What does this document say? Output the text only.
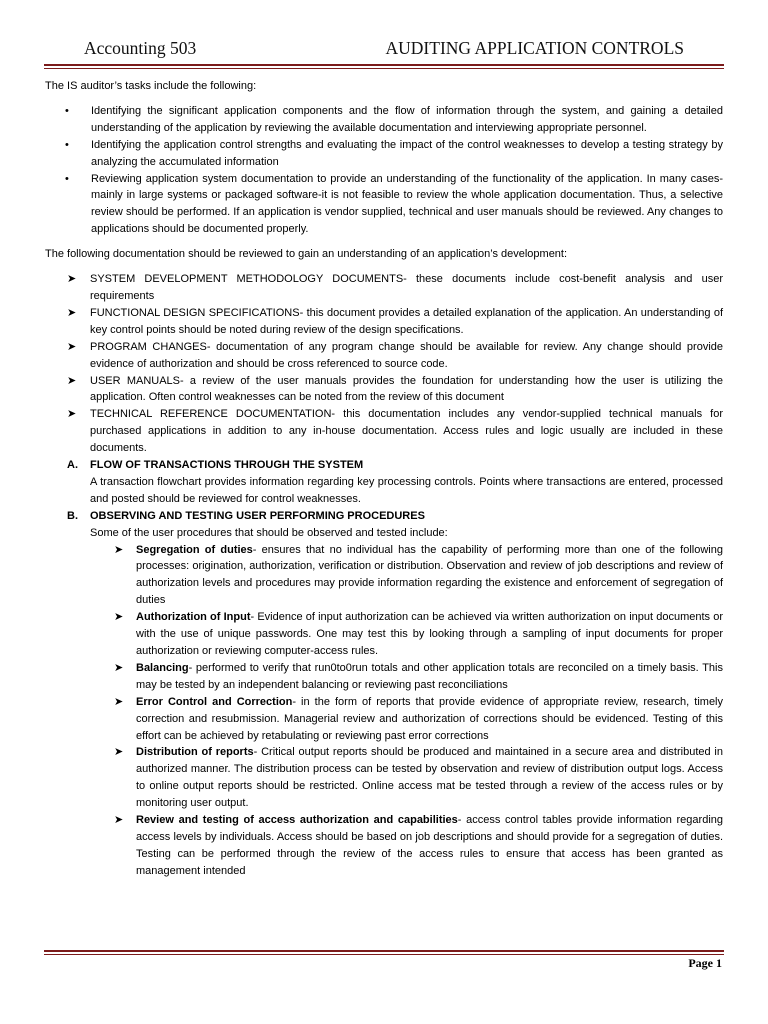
Accounting 503	AUDITING APPLICATION CONTROLS

The IS auditor’s tasks include the following:

• Identifying the significant application components and the flow of information through the system, and gaining a detailed understanding of the application by reviewing the available documentation and interviewing appropriate personnel.
• Identifying the application control strengths and evaluating the impact of the control weaknesses to develop a testing strategy by analyzing the accumulated information
• Reviewing application system documentation to provide an understanding of the functionality of the application. In many cases- mainly in large systems or packaged software-it is not feasible to review the whole application documentation. Thus, a selective review should be performed. If an application is vendor supplied, technical and user manuals should be reviewed. Any changes to applications should be documented properly.

The following documentation should be reviewed to gain an understanding of an application’s development:

➤ SYSTEM DEVELOPMENT METHODOLOGY DOCUMENTS- these documents include cost-benefit analysis and user requirements
➤ FUNCTIONAL DESIGN SPECIFICATIONS- this document provides a detailed explanation of the application. An understanding of key control points should be noted during review of the design specifications.
➤ PROGRAM CHANGES- documentation of any program change should be available for review. Any change should provide evidence of authorization and should be cross referenced to source code.
➤ USER MANUALS- a review of the user manuals provides the foundation for understanding how the user is utilizing the application. Often control weaknesses can be noted from the review of this document
➤ TECHNICAL REFERENCE DOCUMENTATION- this documentation includes any vendor-supplied technical manuals for purchased applications in addition to any in-house documentation. Access rules and logic usually are included in these documents.
A. FLOW OF TRANSACTIONS THROUGH THE SYSTEM

A transaction flowchart provides information regarding key processing controls. Points where transactions are entered, processed and posted should be reviewed for control weaknesses.

B. OBSERVING AND TESTING USER PERFORMING PROCEDURES

Some of the user procedures that should be observed and tested include:

➤ Segregation of duties- ensures that no individual has the capability of performing more than one of the following processes: origination, authorization, verification or distribution. Observation and review of job descriptions and review of authorization levels and procedures may provide information regarding the existence and enforcement of segregation of duties
➤ Authorization of Input- Evidence of input authorization can be achieved via written authorization on input documents or with the use of unique passwords. One may test this by looking through a sampling of input documents for proper authorization or reviewing computer-access rules.
➤ Balancing- performed to verify that run0to0run totals and other application totals are reconciled on a timely basis. This may be tested by an independent balancing or reviewing past reconciliations
➤ Error Control and Correction- in the form of reports that provide evidence of appropriate review, research, timely correction and resubmission. Managerial review and authorization of corrections should be evidenced. Testing of this effort can be achieved by retabulating or reviewing past error corrections
➤ Distribution of reports- Critical output reports should be produced and maintained in a secure area and distributed in authorized manner. The distribution process can be tested by observation and review of distribution output logs. Access to online output reports should be restricted. Online access mat be tested through a review of the access rules or by monitoring user output.
➤ Review and testing of access authorization and capabilities- access control tables provide information regarding access levels by individuals. Access should be based on job descriptions and should provide for a segregation of duties. Testing can be performed through the review of the access rules to ensure that access has been granted as management intended
Page 1
